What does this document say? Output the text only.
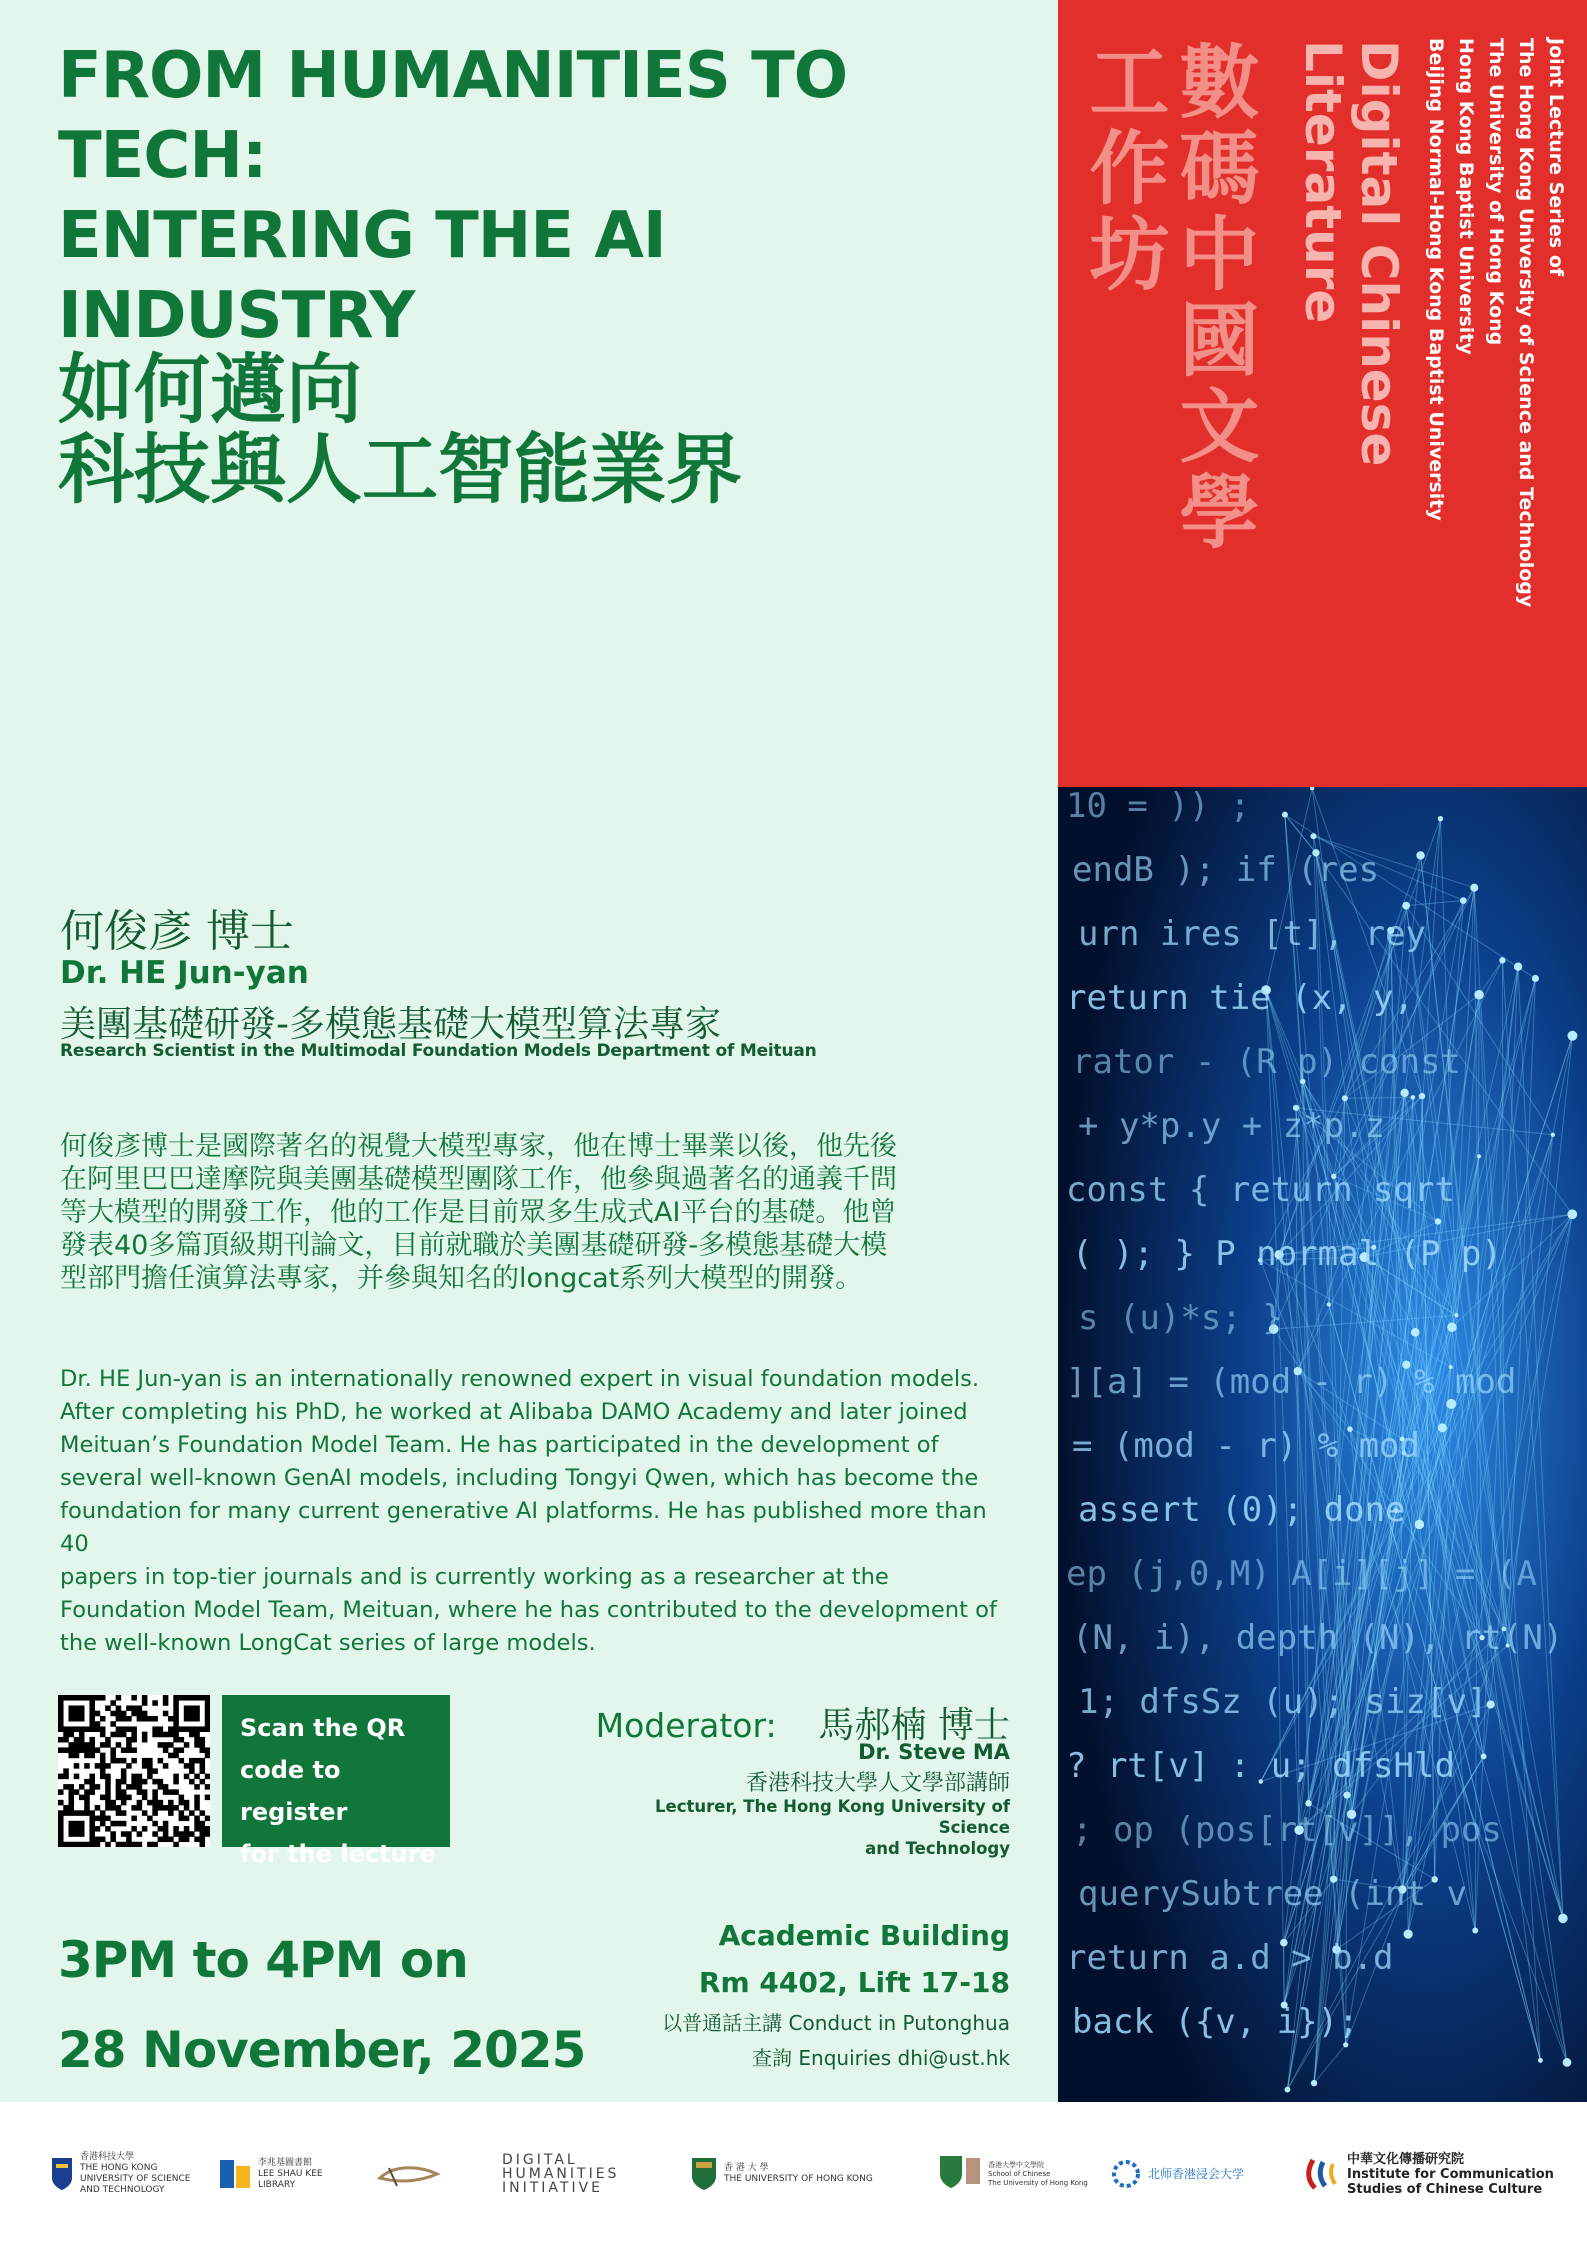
FROM HUMANITIES TO
TECH:
ENTERING THE AI
INDUSTRY
如何邁向
科技與人工智能業界
Joint Lecture Series of
The Hong Kong University of Science and Technology
The University of Hong Kong
Hong Kong Baptist University
Beijing Normal-Hong Kong Baptist University
Digital Chinese
Literature
數碼中國文學
工作坊
10 = )) ;
endB ); if (res
urn ires [t], rey
return tie (x, y,
rator - (R p) const
+ y*p.y + z*p.z
const { return sqrt
( ); } P normal (P p)
s (u)*s; }
][a] = (mod - r) % mod
= (mod - r) % mod
assert (0); done
ep (j,0,M) A[i][j] = (A
(N, i), depth (N), rt(N)
1; dfsSz (u); siz[v]
? rt[v] : u; dfsHld
; op (pos[rt[v]], pos
querySubtree (int v
return a.d > b.d
back ({v, i});
何俊彥 博士
Dr. HE Jun-yan
美團基礎研發-多模態基礎大模型算法專家
Research Scientist in the Multimodal Foundation Models Department of Meituan
何俊彥博士是國際著名的視覺大模型專家，他在博士畢業以後，他先後
在阿里巴巴達摩院與美團基礎模型團隊工作，他參與過著名的通義千問
等大模型的開發工作，他的工作是目前眾多生成式AI平台的基礎。他曾
發表40多篇頂級期刊論文，目前就職於美團基礎研發-多模態基礎大模
型部門擔任演算法專家，并參與知名的longcat系列大模型的開發。
Dr. HE Jun-yan is an internationally renowned expert in visual foundation models.
After completing his PhD, he worked at Alibaba DAMO Academy and later joined
Meituan’s Foundation Model Team. He has participated in the development of
several well-known GenAI models, including Tongyi Qwen, which has become the
foundation for many current generative AI platforms. He has published more than 40
papers in top-tier journals and is currently working as a researcher at the
Foundation Model Team, Meituan, where he has contributed to the development of
the well-known LongCat series of large models.
Scan the QR
code to register
for the lecture
Moderator: 馬郝楠 博士
Dr. Steve MA
香港科技大學人文學部講師
Lecturer, The Hong Kong University of Science
and Technology
3PM to 4PM on
28 November, 2025
Academic Building
Rm 4402, Lift 17-18
以普通話主講 Conduct in Putonghua
查詢 Enquiries dhi@ust.hk
香港科技大學
THE HONG KONG
UNIVERSITY OF SCIENCE
AND TECHNOLOGY
李兆基圖書館
LEE SHAU KEE
LIBRARY
DIGITAL
HUMANITIES
INITIATIVE
香 港 大 學
THE UNIVERSITY OF HONG KONG
香港大學中文學院
School of Chinese
The University of Hong Kong
北师香港浸会大学
中華文化傳播研究院
Institute for Communication Studies of Chinese Culture
